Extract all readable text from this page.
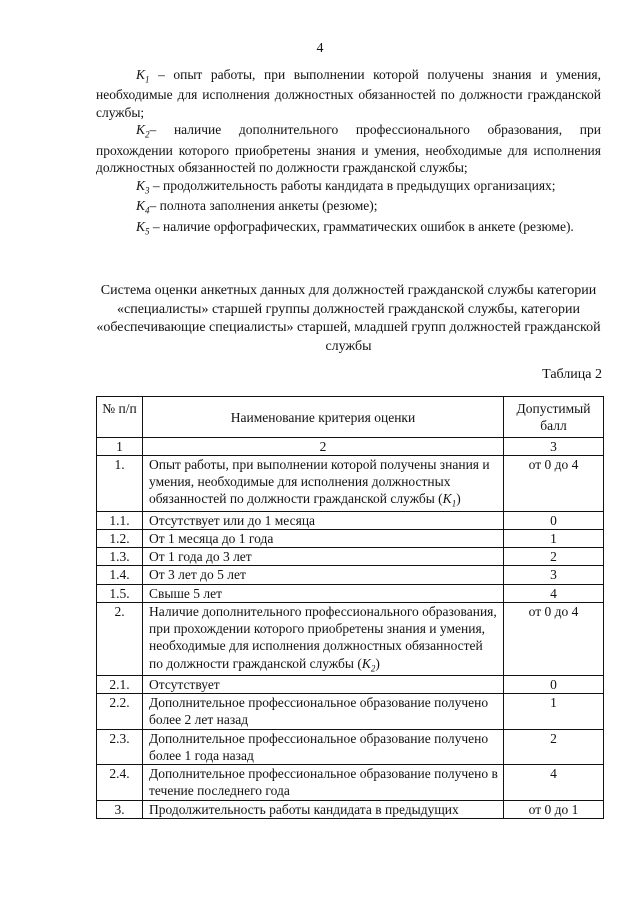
4

$K_1$ – опыт работы, при выполнении которой получены знания и умения, необходимые для исполнения должностных обязанностей по должности гражданской службы;

$K_2-$ наличие дополнительного профессионального образования, при прохождении которого приобретены знания и умения, необходимые для исполнения должностных обязанностей по должности гражданской службы;

$K_3$ – продолжительность работы кандидата в предыдущих организациях;

$K_4-$ полнота заполнения анкеты (резюме);

$K_5$ – наличие орфографических, грамматических ошибок в анкете (резюме).

Система оценки анкетных данных для должностей гражданской службы категории «специалисты» старшей группы должностей гражданской службы, категории «обеспечивающие специалисты» старшей, младшей групп должностей гражданской службы

Таблица 2
№ п/п	Наименование критерия оценки	Допустимый балл
1	2	3
1.	Опыт работы, при выполнении которой получены знания и умения, необходимые для исполнения должностных обязанностей по должности гражданской службы $(K_1)$	от 0 до 4
1.1.	Отсутствует или до 1 месяца	0
1.2.	От 1 месяца до 1 года	1
1.3.	От 1 года до 3 лет	2
1.4.	От 3 лет до 5 лет	3
1.5.	Свыше 5 лет	4
2.	Наличие дополнительного профессионального образования, при прохождении которого приобретены знания и умения, необходимые для исполнения должностных обязанностей по должности гражданской службы $(K_2)$	от 0 до 4
2.1.	Отсутствует	0
2.2.	Дополнительное профессиональное образование получено более 2 лет назад	1
2.3.	Дополнительное профессиональное образование получено более 1 года назад	2
2.4.	Дополнительное профессиональное образование получено в течение последнего года	4
3.	Продолжительность работы кандидата в предыдущих	от 0 до 1
